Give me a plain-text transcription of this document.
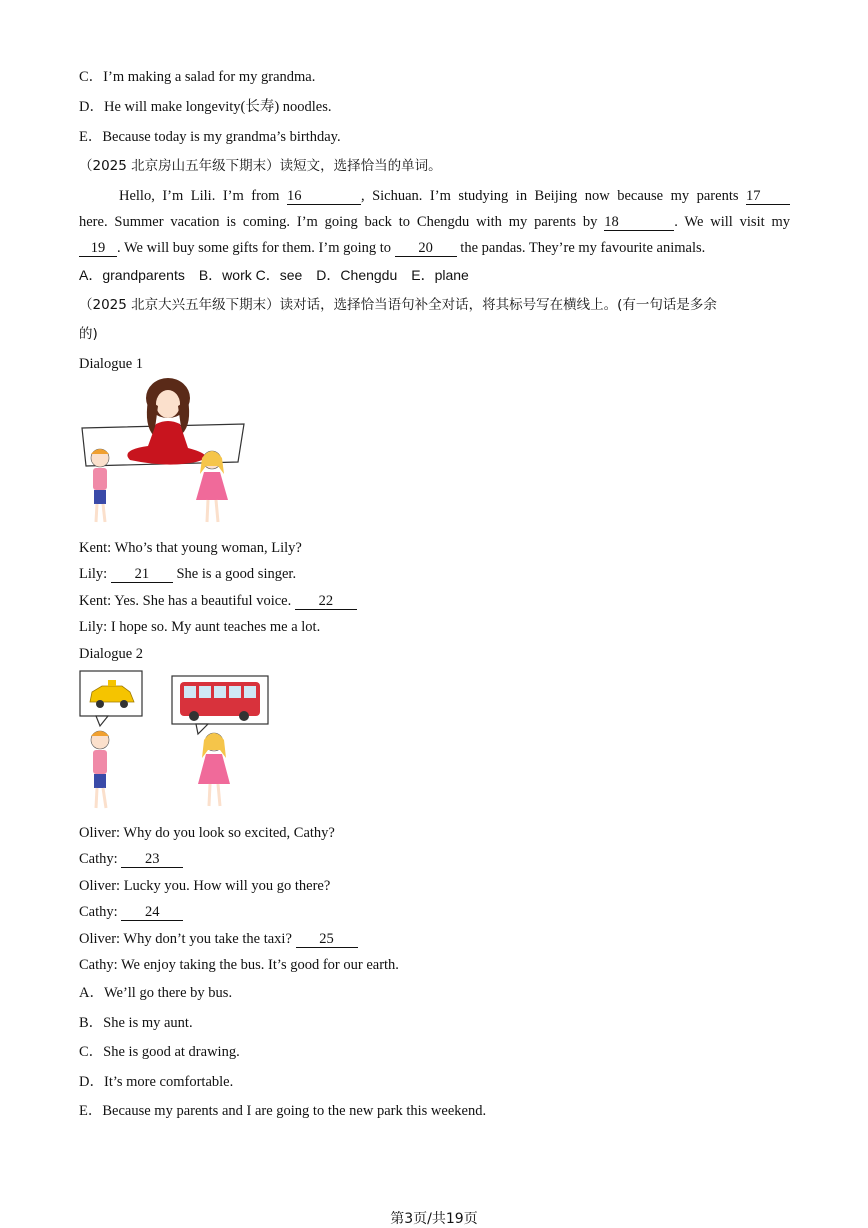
C．I’m making a salad for my grandma.
D．He will make longevity(长寿) noodles.
E．Because today is my grandma’s birthday.
（2025 北京房山五年级下期末）读短文，选择恰当的单词。
Hello, I’m Lili. I’m from 16	, Sichuan. I’m studying in Beijing now because my parents 17
here. Summer vacation is coming. I’m going back to Chengdu with my parents by 18	. We will visit my
19 . We will buy some gifts for them. I’m going to 20 the pandas. They’re my favourite animals.
A．grandparents　B．work C．see　D．Chengdu　E．plane
（2025 北京大兴五年级下期末）读对话，选择恰当语句补全对话，将其标号写在横线上。(有一句话是多余
的)
Dialogue 1
Kent: Who’s that young woman, Lily?
Lily: 21 She is a good singer.
Kent: Yes. She has a beautiful voice. 22
Lily: I hope so. My aunt teaches me a lot.
Dialogue 2
Oliver: Why do you look so excited, Cathy?
Cathy: 23
Oliver: Lucky you. How will you go there?
Cathy: 24
Oliver: Why don’t you take the taxi? 25
Cathy: We enjoy taking the bus. It’s good for our earth.
A．We’ll go there by bus.
B．She is my aunt.
C．She is good at drawing.
D．It’s more comfortable.
E．Because my parents and I are going to the new park this weekend.
第3页/共19页
